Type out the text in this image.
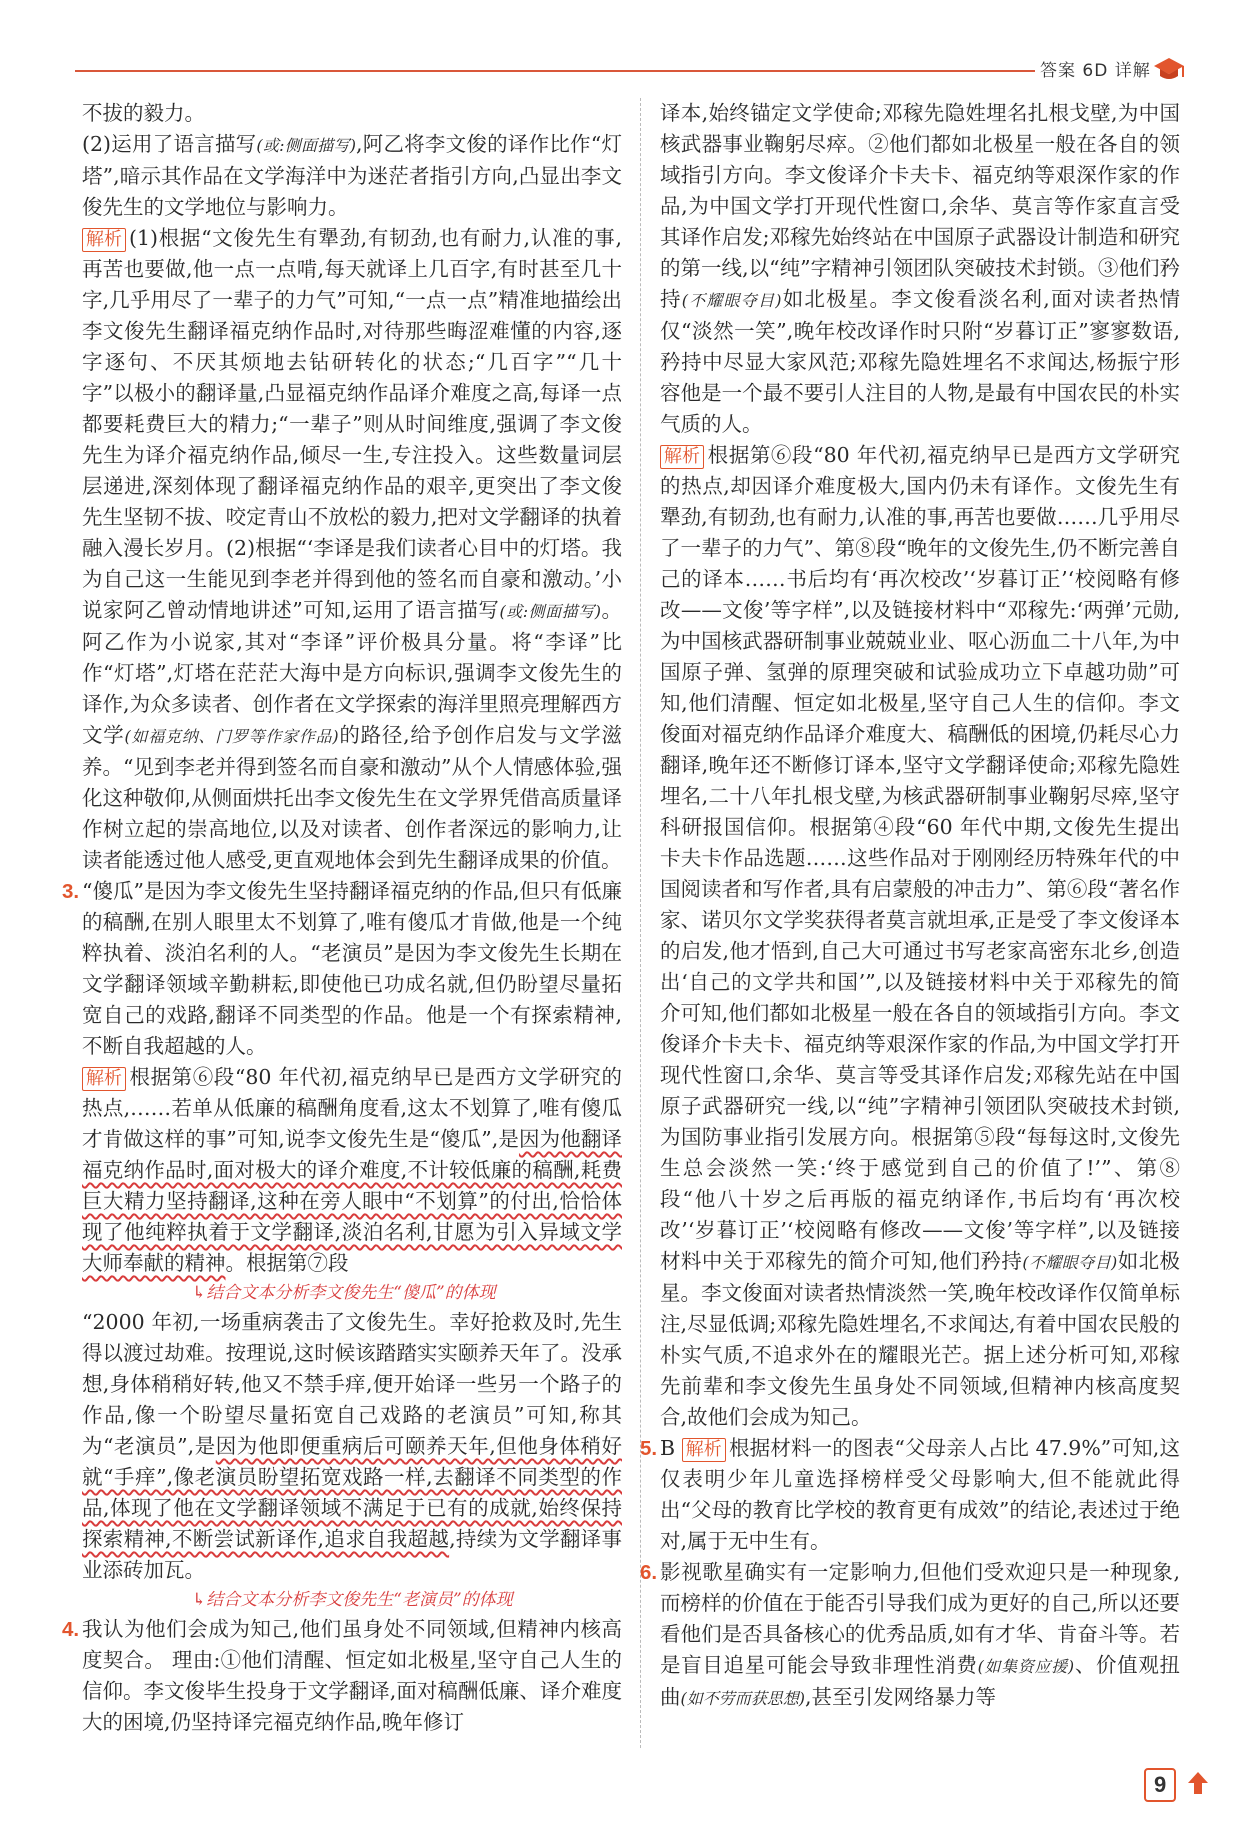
答案 6D 详解

不拔的毅力。

(2)运用了语言描写(或:侧面描写),阿乙将李文俊的译作比作“灯塔”,暗示其作品在文学海洋中为迷茫者指引方向,凸显出李文俊先生的文学地位与影响力。

解析 (1)根据“文俊先生有犟劲,有韧劲,也有耐力,认准的事,再苦也要做,他一点一点啃,每天就译上几百字,有时甚至几十字,几乎用尽了一辈子的力气”可知,“一点一点”精准地描绘出李文俊先生翻译福克纳作品时,对待那些晦涩难懂的内容,逐字逐句、不厌其烦地去钻研转化的状态;“几百字”“几十字”以极小的翻译量,凸显福克纳作品译介难度之高,每译一点都要耗费巨大的精力;“一辈子”则从时间维度,强调了李文俊先生为译介福克纳作品,倾尽一生,专注投入。这些数量词层层递进,深刻体现了翻译福克纳作品的艰辛,更突出了李文俊先生坚韧不拔、咬定青山不放松的毅力,把对文学翻译的执着融入漫长岁月。(2)根据“‘李译是我们读者心目中的灯塔。我为自己这一生能见到李老并得到他的签名而自豪和激动。’小说家阿乙曾动情地讲述”可知,运用了语言描写(或:侧面描写)。阿乙作为小说家,其对“李译”评价极具分量。将“李译”比作“灯塔”,灯塔在茫茫大海中是方向标识,强调李文俊先生的译作,为众多读者、创作者在文学探索的海洋里照亮理解西方文学(如福克纳、门罗等作家作品)的路径,给予创作启发与文学滋养。“见到李老并得到签名而自豪和激动”从个人情感体验,强化这种敬仰,从侧面烘托出李文俊先生在文学界凭借高质量译作树立起的崇高地位,以及对读者、创作者深远的影响力,让读者能透过他人感受,更直观地体会到先生翻译成果的价值。

3. “傻瓜”是因为李文俊先生坚持翻译福克纳的作品,但只有低廉的稿酬,在别人眼里太不划算了,唯有傻瓜才肯做,他是一个纯粹执着、淡泊名利的人。“老演员”是因为李文俊先生长期在文学翻译领域辛勤耕耘,即使他已功成名就,但仍盼望尽量拓宽自己的戏路,翻译不同类型的作品。他是一个有探索精神,不断自我超越的人。

解析 根据第⑥段“80 年代初,福克纳早已是西方文学研究的热点,……若单从低廉的稿酬角度看,这太不划算了,唯有傻瓜才肯做这样的事”可知,说李文俊先生是“傻瓜”,是因为他翻译福克纳作品时,面对极大的译介难度,不计较低廉的稿酬,耗费巨大精力坚持翻译,这种在旁人眼中“不划算”的付出,恰恰体现了他纯粹执着于文学翻译,淡泊名利,甘愿为引入异域文学大师奉献的精神。根据第⑦段

↳结合文本分析李文俊先生“傻瓜”的体现

“2000 年初,一场重病袭击了文俊先生。幸好抢救及时,先生得以渡过劫难。按理说,这时候该踏踏实实颐养天年了。没承想,身体稍稍好转,他又不禁手痒,便开始译一些另一个路子的作品,像一个盼望尽量拓宽自己戏路的老演员”可知,称其为“老演员”,是因为他即便重病后可颐养天年,但他身体稍好就“手痒”,像老演员盼望拓宽戏路一样,去翻译不同类型的作品,体现了他在文学翻译领域不满足于已有的成就,始终保持探索精神,不断尝试新译作,追求自我超越,持续为文学翻译事业添砖加瓦。

↳结合文本分析李文俊先生“老演员”的体现
4. 我认为他们会成为知己,他们虽身处不同领域,但精神内核高度契合。 理由:①他们清醒、恒定如北极星,坚守自己人生的信仰。李文俊毕生投身于文学翻译,面对稿酬低廉、译介难度大的困境,仍坚持译完福克纳作品,晚年修订

译本,始终锚定文学使命;邓稼先隐姓埋名扎根戈壁,为中国核武器事业鞠躬尽瘁。②他们都如北极星一般在各自的领域指引方向。李文俊译介卡夫卡、福克纳等艰深作家的作品,为中国文学打开现代性窗口,余华、莫言等作家直言受其译作启发;邓稼先始终站在中国原子武器设计制造和研究的第一线,以“纯”字精神引领团队突破技术封锁。③他们矜持(不耀眼夺目)如北极星。李文俊看淡名利,面对读者热情仅“淡然一笑”,晚年校改译作时只附“岁暮订正”寥寥数语,矜持中尽显大家风范;邓稼先隐姓埋名不求闻达,杨振宁形容他是一个最不要引人注目的人物,是最有中国农民的朴实气质的人。

解析 根据第⑥段“80 年代初,福克纳早已是西方文学研究的热点,却因译介难度极大,国内仍未有译作。文俊先生有犟劲,有韧劲,也有耐力,认准的事,再苦也要做……几乎用尽了一辈子的力气”、第⑧段“晚年的文俊先生,仍不断完善自己的译本……书后均有‘再次校改’‘岁暮订正’‘校阅略有修改——文俊’等字样”,以及链接材料中“邓稼先:‘两弹’元勋,为中国核武器研制事业兢兢业业、呕心沥血二十八年,为中国原子弹、氢弹的原理突破和试验成功立下卓越功勋”可知,他们清醒、恒定如北极星,坚守自己人生的信仰。李文俊面对福克纳作品译介难度大、稿酬低的困境,仍耗尽心力翻译,晚年还不断修订译本,坚守文学翻译使命;邓稼先隐姓埋名,二十八年扎根戈壁,为核武器研制事业鞠躬尽瘁,坚守科研报国信仰。根据第④段“60 年代中期,文俊先生提出卡夫卡作品选题……这些作品对于刚刚经历特殊年代的中国阅读者和写作者,具有启蒙般的冲击力”、第⑥段“著名作家、诺贝尔文学奖获得者莫言就坦承,正是受了李文俊译本的启发,他才悟到,自己大可通过书写老家高密东北乡,创造出‘自己的文学共和国’”,以及链接材料中关于邓稼先的简介可知,他们都如北极星一般在各自的领域指引方向。李文俊译介卡夫卡、福克纳等艰深作家的作品,为中国文学打开现代性窗口,余华、莫言等受其译作启发;邓稼先站在中国原子武器研究一线,以“纯”字精神引领团队突破技术封锁,为国防事业指引发展方向。根据第⑤段“每每这时,文俊先生总会淡然一笑:‘终于感觉到自己的价值了!’”、第⑧段“他八十岁之后再版的福克纳译作,书后均有‘再次校改’‘岁暮订正’‘校阅略有修改——文俊’等字样”,以及链接材料中关于邓稼先的简介可知,他们矜持(不耀眼夺目)如北极星。李文俊面对读者热情淡然一笑,晚年校改译作仅简单标注,尽显低调;邓稼先隐姓埋名,不求闻达,有着中国农民般的朴实气质,不追求外在的耀眼光芒。据上述分析可知,邓稼先前辈和李文俊先生虽身处不同领域,但精神内核高度契合,故他们会成为知己。

5. B 解析 根据材料一的图表“父母亲人占比 47.9%”可知,这仅表明少年儿童选择榜样受父母影响大,但不能就此得出“父母的教育比学校的教育更有成效”的结论,表述过于绝对,属于无中生有。

6. 影视歌星确实有一定影响力,但他们受欢迎只是一种现象,而榜样的价值在于能否引导我们成为更好的自己,所以还要看他们是否具备核心的优秀品质,如有才华、肯奋斗等。若是盲目追星可能会导致非理性消费(如集资应援)、价值观扭曲(如不劳而获思想),甚至引发网络暴力等

9
